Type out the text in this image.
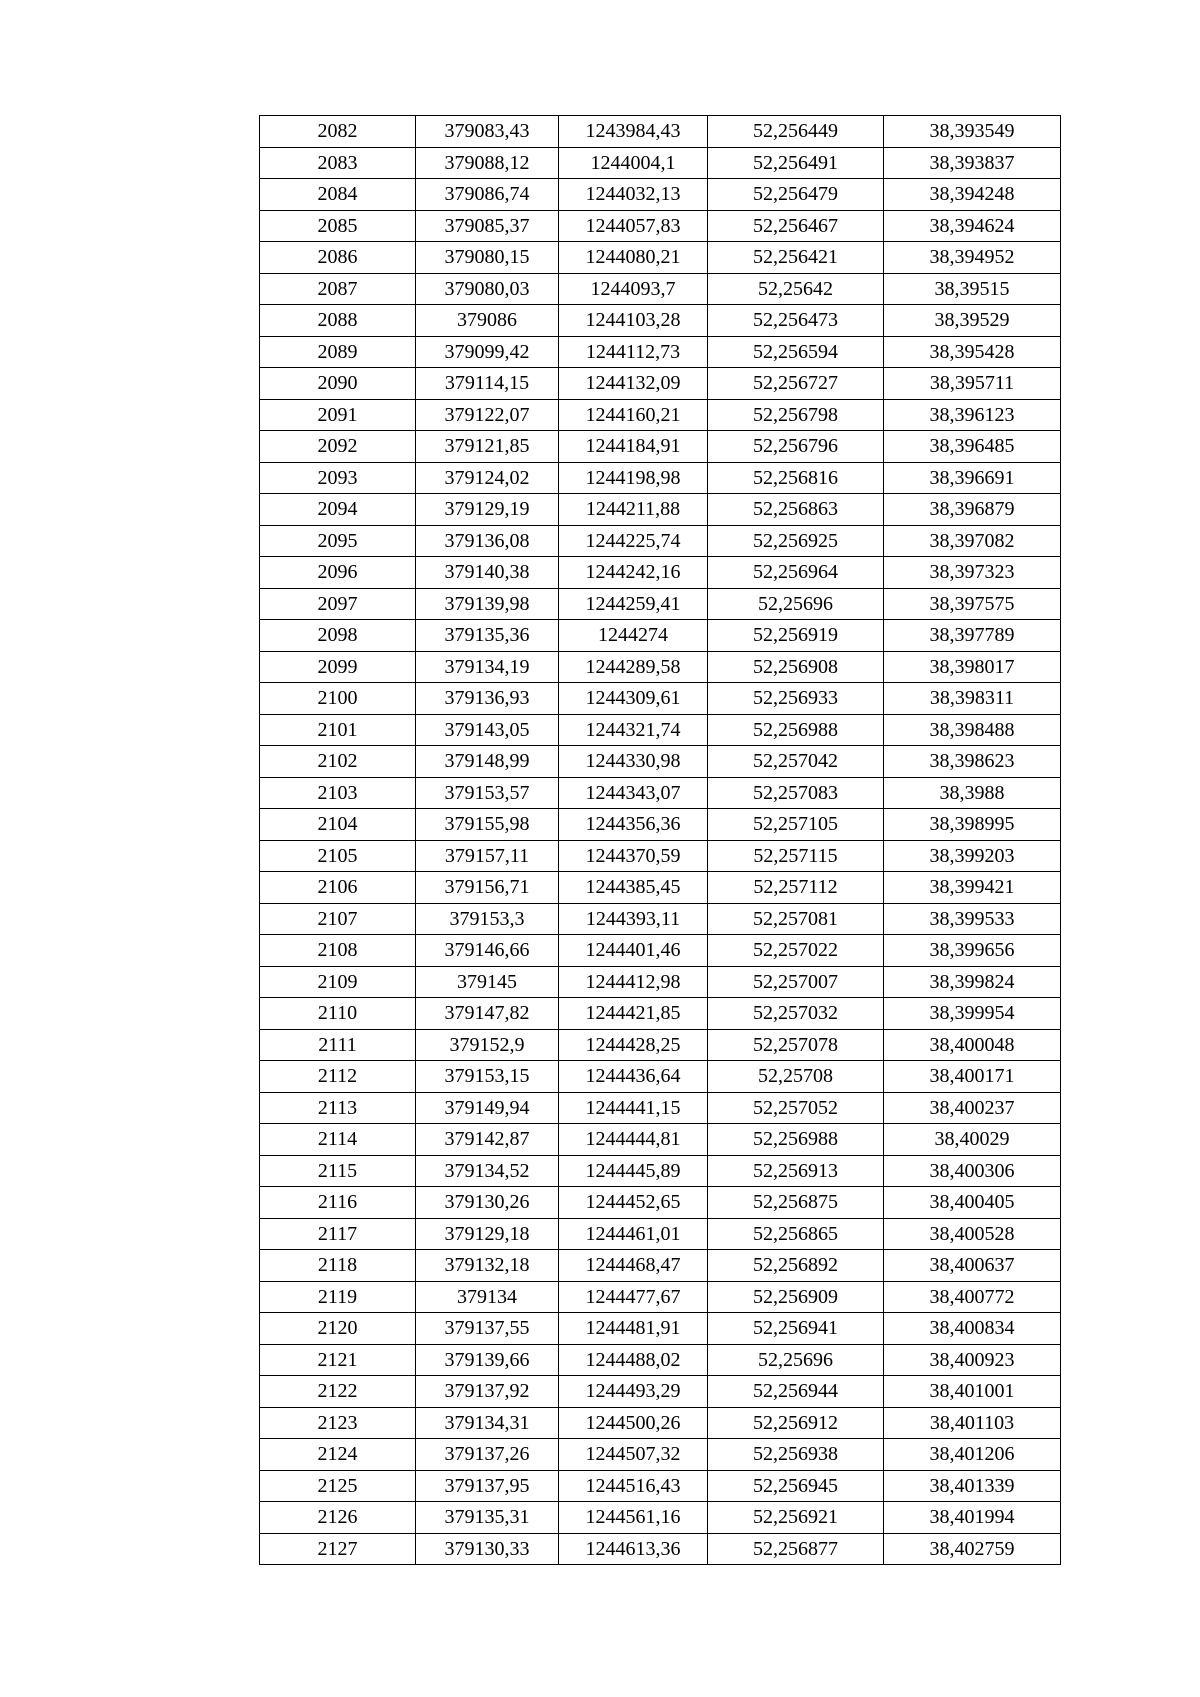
2082	379083,43	1243984,43	52,256449	38,393549
2083	379088,12	1244004,1	52,256491	38,393837
2084	379086,74	1244032,13	52,256479	38,394248
2085	379085,37	1244057,83	52,256467	38,394624
2086	379080,15	1244080,21	52,256421	38,394952
2087	379080,03	1244093,7	52,25642	38,39515
2088	379086	1244103,28	52,256473	38,39529
2089	379099,42	1244112,73	52,256594	38,395428
2090	379114,15	1244132,09	52,256727	38,395711
2091	379122,07	1244160,21	52,256798	38,396123
2092	379121,85	1244184,91	52,256796	38,396485
2093	379124,02	1244198,98	52,256816	38,396691
2094	379129,19	1244211,88	52,256863	38,396879
2095	379136,08	1244225,74	52,256925	38,397082
2096	379140,38	1244242,16	52,256964	38,397323
2097	379139,98	1244259,41	52,25696	38,397575
2098	379135,36	1244274	52,256919	38,397789
2099	379134,19	1244289,58	52,256908	38,398017
2100	379136,93	1244309,61	52,256933	38,398311
2101	379143,05	1244321,74	52,256988	38,398488
2102	379148,99	1244330,98	52,257042	38,398623
2103	379153,57	1244343,07	52,257083	38,3988
2104	379155,98	1244356,36	52,257105	38,398995
2105	379157,11	1244370,59	52,257115	38,399203
2106	379156,71	1244385,45	52,257112	38,399421
2107	379153,3	1244393,11	52,257081	38,399533
2108	379146,66	1244401,46	52,257022	38,399656
2109	379145	1244412,98	52,257007	38,399824
2110	379147,82	1244421,85	52,257032	38,399954
2111	379152,9	1244428,25	52,257078	38,400048
2112	379153,15	1244436,64	52,25708	38,400171
2113	379149,94	1244441,15	52,257052	38,400237
2114	379142,87	1244444,81	52,256988	38,40029
2115	379134,52	1244445,89	52,256913	38,400306
2116	379130,26	1244452,65	52,256875	38,400405
2117	379129,18	1244461,01	52,256865	38,400528
2118	379132,18	1244468,47	52,256892	38,400637
2119	379134	1244477,67	52,256909	38,400772
2120	379137,55	1244481,91	52,256941	38,400834
2121	379139,66	1244488,02	52,25696	38,400923
2122	379137,92	1244493,29	52,256944	38,401001
2123	379134,31	1244500,26	52,256912	38,401103
2124	379137,26	1244507,32	52,256938	38,401206
2125	379137,95	1244516,43	52,256945	38,401339
2126	379135,31	1244561,16	52,256921	38,401994
2127	379130,33	1244613,36	52,256877	38,402759
